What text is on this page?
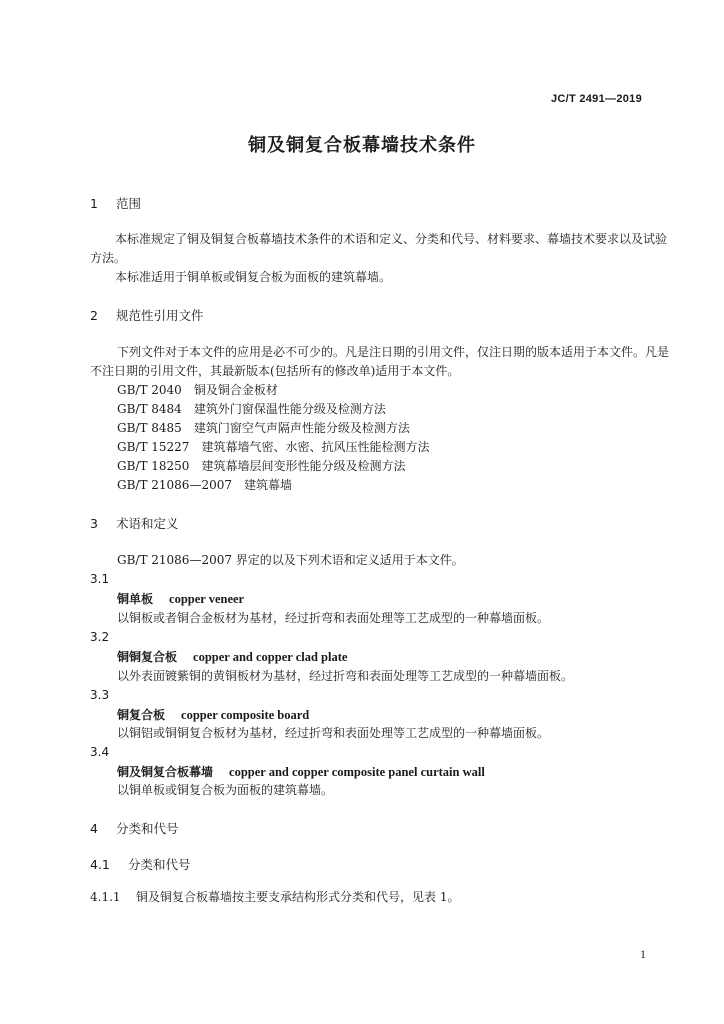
JC/T 2491—2019
铜及铜复合板幕墙技术条件
1 范围
本标准规定了铜及铜复合板幕墙技术条件的术语和定义、分类和代号、材料要求、幕墙技术要求以及试验方法。
本标准适用于铜单板或铜复合板为面板的建筑幕墙。
2 规范性引用文件
下列文件对于本文件的应用是必不可少的。凡是注日期的引用文件，仅注日期的版本适用于本文件。凡是不注日期的引用文件，其最新版本(包括所有的修改单)适用于本文件。
GB/T 2040 铜及铜合金板材
GB/T 8484 建筑外门窗保温性能分级及检测方法
GB/T 8485 建筑门窗空气声隔声性能分级及检测方法
GB/T 15227 建筑幕墙气密、水密、抗风压性能检测方法
GB/T 18250 建筑幕墙层间变形性能分级及检测方法
GB/T 21086—2007 建筑幕墙
3 术语和定义
GB/T 21086—2007 界定的以及下列术语和定义适用于本文件。
3.1
铜单板 copper veneer
以铜板或者铜合金板材为基材，经过折弯和表面处理等工艺成型的一种幕墙面板。
3.2
铜铜复合板 copper and copper clad plate
以外表面镀紫铜的黄铜板材为基材，经过折弯和表面处理等工艺成型的一种幕墙面板。
3.3
铜复合板 copper composite board
以铜铝或铜铜复合板材为基材，经过折弯和表面处理等工艺成型的一种幕墙面板。
3.4
铜及铜复合板幕墙 copper and copper composite panel curtain wall
以铜单板或铜复合板为面板的建筑幕墙。
4 分类和代号
4.1 分类和代号
4.1.1 铜及铜复合板幕墙按主要支承结构形式分类和代号，见表 1。
1
